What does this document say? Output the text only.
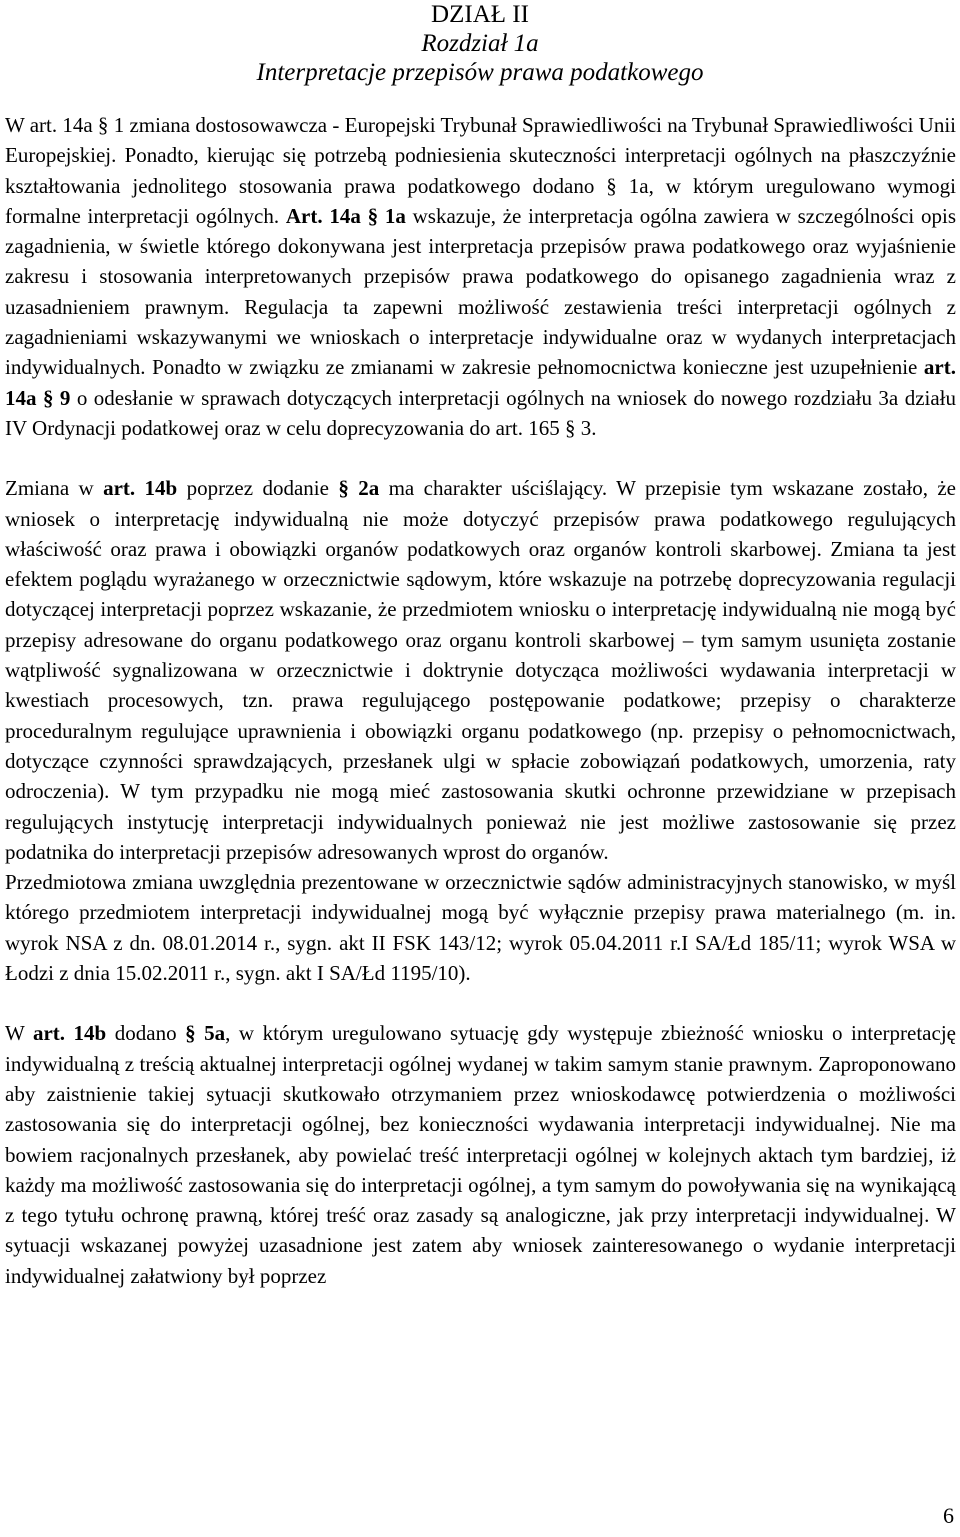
DZIAŁ II
Rozdział 1a
Interpretacje przepisów prawa podatkowego

W art. 14a § 1 zmiana dostosowawcza - Europejski Trybunał Sprawiedliwości na Trybunał Sprawiedliwości Unii Europejskiej. Ponadto, kierując się potrzebą podniesienia skuteczności interpretacji ogólnych na płaszczyźnie kształtowania jednolitego stosowania prawa podatkowego dodano § 1a, w którym uregulowano wymogi formalne interpretacji ogólnych. Art. 14a § 1a wskazuje, że interpretacja ogólna zawiera w szczególności opis zagadnienia, w świetle którego dokonywana jest interpretacja przepisów prawa podatkowego oraz wyjaśnienie zakresu i stosowania interpretowanych przepisów prawa podatkowego do opisanego zagadnienia wraz z uzasadnieniem prawnym. Regulacja ta zapewni możliwość zestawienia treści interpretacji ogólnych z zagadnieniami wskazywanymi we wnioskach o interpretacje indywidualne oraz w wydanych interpretacjach indywidualnych. Ponadto w związku ze zmianami w zakresie pełnomocnictwa konieczne jest uzupełnienie art. 14a § 9 o odesłanie w sprawach dotyczących interpretacji ogólnych na wniosek do nowego rozdziału 3a działu IV Ordynacji podatkowej oraz w celu doprecyzowania do art. 165 § 3.

Zmiana w art. 14b poprzez dodanie § 2a ma charakter uściślający. W przepisie tym wskazane zostało, że wniosek o interpretację indywidualną nie może dotyczyć przepisów prawa podatkowego regulujących właściwość oraz prawa i obowiązki organów podatkowych oraz organów kontroli skarbowej. Zmiana ta jest efektem poglądu wyrażanego w orzecznictwie sądowym, które wskazuje na potrzebę doprecyzowania regulacji dotyczącej interpretacji poprzez wskazanie, że przedmiotem wniosku o interpretację indywidualną nie mogą być przepisy adresowane do organu podatkowego oraz organu kontroli skarbowej – tym samym usunięta zostanie wątpliwość sygnalizowana w orzecznictwie i doktrynie dotycząca możliwości wydawania interpretacji w kwestiach procesowych, tzn. prawa regulującego postępowanie podatkowe; przepisy o charakterze proceduralnym regulujące uprawnienia i obowiązki organu podatkowego (np. przepisy o pełnomocnictwach, dotyczące czynności sprawdzających, przesłanek ulgi w spłacie zobowiązań podatkowych, umorzenia, raty odroczenia). W tym przypadku nie mogą mieć zastosowania skutki ochronne przewidziane w przepisach regulujących instytucję interpretacji indywidualnych ponieważ nie jest możliwe zastosowanie się przez podatnika do interpretacji przepisów adresowanych wprost do organów.

Przedmiotowa zmiana uwzględnia prezentowane w orzecznictwie sądów administracyjnych stanowisko, w myśl którego przedmiotem interpretacji indywidualnej mogą być wyłącznie przepisy prawa materialnego (m. in. wyrok NSA z dn. 08.01.2014 r., sygn. akt II FSK 143/12; wyrok 05.04.2011 r.I SA/Łd 185/11; wyrok WSA w Łodzi z dnia 15.02.2011 r., sygn. akt I SA/Łd 1195/10).

W art. 14b dodano § 5a, w którym uregulowano sytuację gdy występuje zbieżność wniosku o interpretację indywidualną z treścią aktualnej interpretacji ogólnej wydanej w takim samym stanie prawnym. Zaproponowano aby zaistnienie takiej sytuacji skutkowało otrzymaniem przez wnioskodawcę potwierdzenia o możliwości zastosowania się do interpretacji ogólnej, bez konieczności wydawania interpretacji indywidualnej. Nie ma bowiem racjonalnych przesłanek, aby powielać treść interpretacji ogólnej w kolejnych aktach tym bardziej, iż każdy ma możliwość zastosowania się do interpretacji ogólnej, a tym samym do powoływania się na wynikającą z tego tytułu ochronę prawną, której treść oraz zasady są analogiczne, jak przy interpretacji indywidualnej. W sytuacji wskazanej powyżej uzasadnione jest zatem aby wniosek zainteresowanego o wydanie interpretacji indywidualnej załatwiony był poprzez

6
